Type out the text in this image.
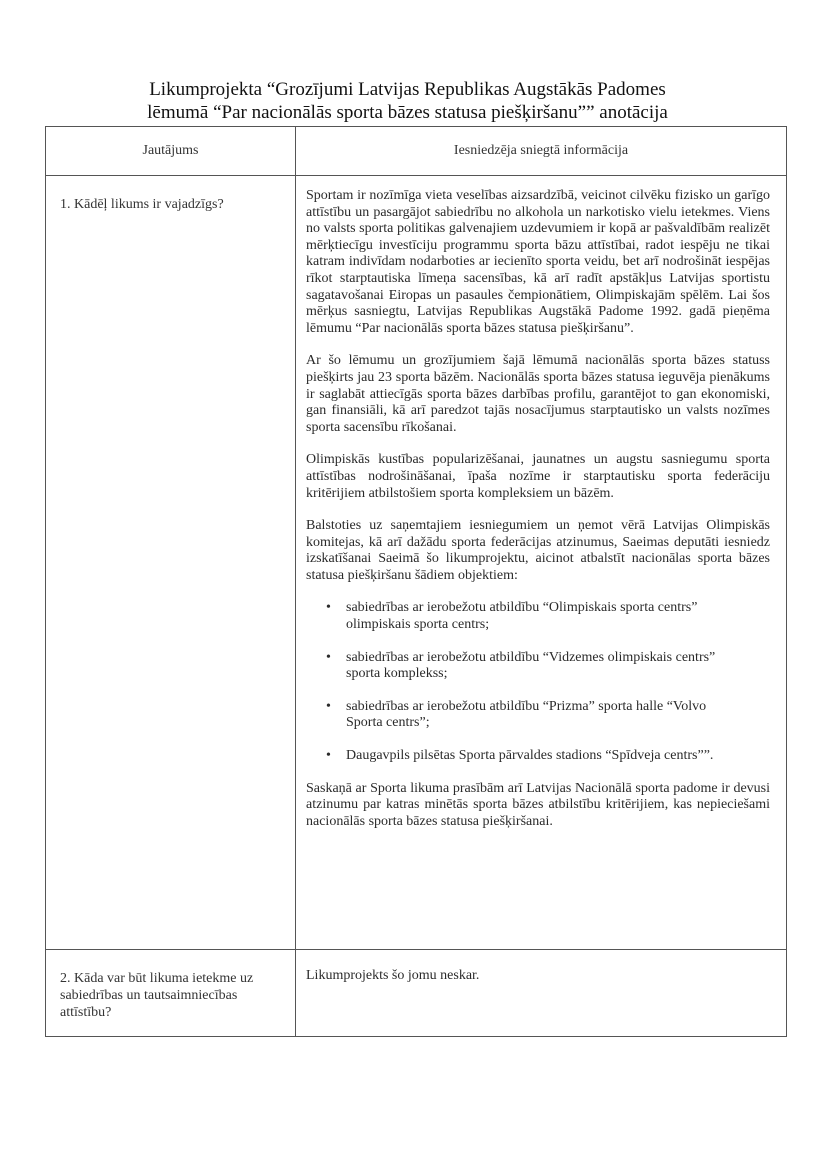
Likumprojekta “Grozījumi Latvijas Republikas Augstākās Padomes
lēmumā “Par nacionālās sporta bāzes statusa piešķiršanu”” anotācija
Jautājums	Iesniedzēja sniegtā informācija
1. Kādēļ likums ir vajadzīgs?

Sportam ir nozīmīga vieta veselības aizsardzībā, veicinot cilvēku fizisko un garīgo attīstību un pasargājot sabiedrību no alkohola un narkotisko vielu ietekmes. Viens no valsts sporta politikas galvenajiem uzdevumiem ir kopā ar pašvaldībām realizēt mērķtiecīgu investīciju programmu sporta bāzu attīstībai, radot iespēju ne tikai katram indivīdam nodarboties ar iecienīto sporta veidu, bet arī nodrošināt iespējas rīkot starptautiska līmeņa sacensības, kā arī radīt apstākļus Latvijas sportistu sagatavošanai Eiropas un pasaules čempionātiem, Olimpiskajām spēlēm. Lai šos mērķus sasniegtu, Latvijas Republikas Augstākā Padome 1992. gadā pieņēma lēmumu “Par nacionālās sporta bāzes statusa piešķiršanu”.

Ar šo lēmumu un grozījumiem šajā lēmumā nacionālās sporta bāzes statuss piešķirts jau 23 sporta bāzēm. Nacionālās sporta bāzes statusa ieguvēja pienākums ir saglabāt attiecīgās sporta bāzes darbības profilu, garantējot to gan ekonomiski, gan finansiāli, kā arī paredzot tajās nosacījumus starptautisko un valsts nozīmes sporta sacensību rīkošanai.

Olimpiskās kustības popularizēšanai, jaunatnes un augstu sasniegumu sporta attīstības nodrošināšanai, īpaša nozīme ir starptautisku sporta federāciju kritērijiem atbilstošiem sporta kompleksiem un bāzēm.

Balstoties uz saņemtajiem iesniegumiem un ņemot vērā Latvijas Olimpiskās komitejas, kā arī dažādu sporta federācijas atzinumus, Saeimas deputāti iesniedz izskatīšanai Saeimā šo likumprojektu, aicinot atbalstīt nacionālas sporta bāzes statusa piešķiršanu šādiem objektiem:

• sabiedrības ar ierobežotu atbildību “Olimpiskais sporta centrs” olimpiskais sporta centrs;
• sabiedrības ar ierobežotu atbildību “Vidzemes olimpiskais centrs” sporta komplekss;
• sabiedrības ar ierobežotu atbildību “Prizma” sporta halle “Volvo Sporta centrs”;
• Daugavpils pilsētas Sporta pārvaldes stadions “Spīdveja centrs””.

Saskaņā ar Sporta likuma prasībām arī Latvijas Nacionālā sporta padome ir devusi atzinumu par katras minētās sporta bāzes atbilstību kritērijiem, kas nepieciešami nacionālās sporta bāzes statusa piešķiršanai.

2. Kāda var būt likuma ietekme uz sabiedrības un tautsaimniecības attīstību?
Likumprojekts šo jomu neskar.
